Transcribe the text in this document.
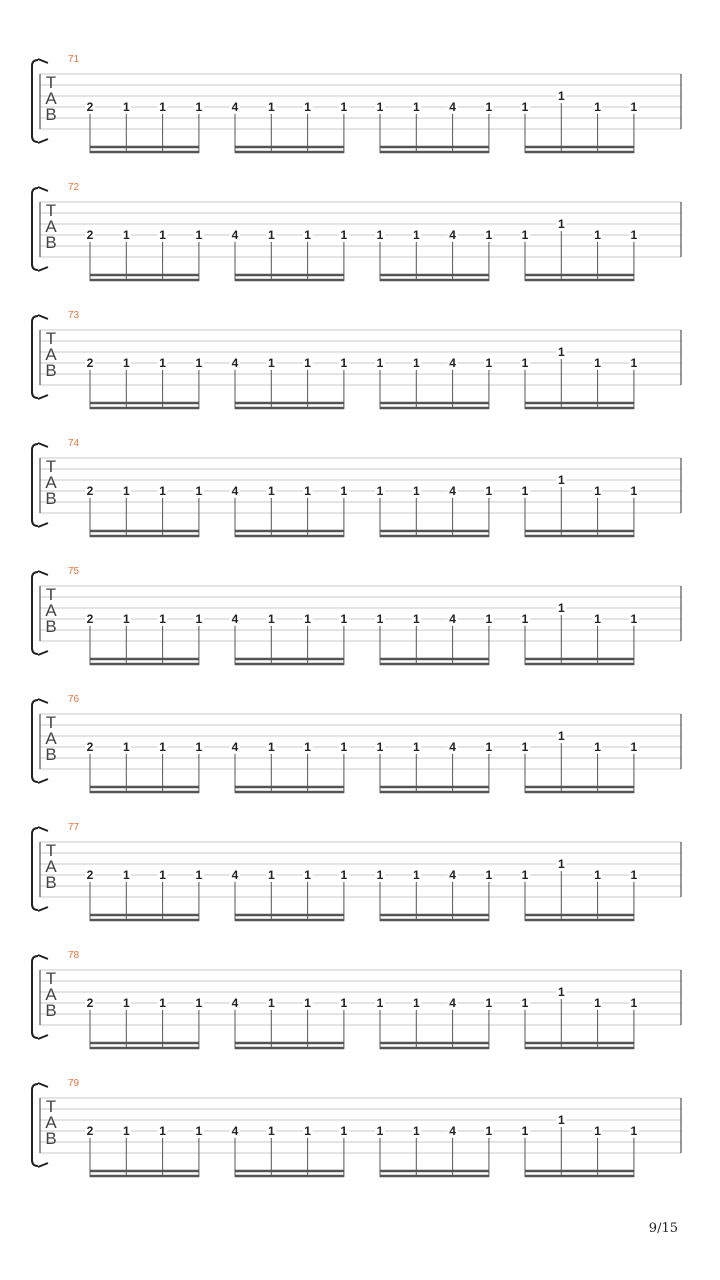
71
T
A
B 2 1 1 1 4 1 1 1 1 1 4 1 1
1
1 1
72
T
A
B 2 1 1 1 4 1 1 1 1 1 4 1 1
1
1 1
73
T
A
B 2 1 1 1 4 1 1 1 1 1 4 1 1
1
1 1
74
T
A
B 2 1 1 1 4 1 1 1 1 1 4 1 1
1
1 1
75
T
A
B 2 1 1 1 4 1 1 1 1 1 4 1 1
1
1 1
76
T
A
B 2 1 1 1 4 1 1 1 1 1 4 1 1
1
1 1
77
T
A
B 2 1 1 1 4 1 1 1 1 1 4 1 1
1
1 1
78
T
A
B 2 1 1 1 4 1 1 1 1 1 4 1 1
1
1 1
79
T
A
B 2 1 1 1 4 1 1 1 1 1 4 1 1
1
1 1
9/15
